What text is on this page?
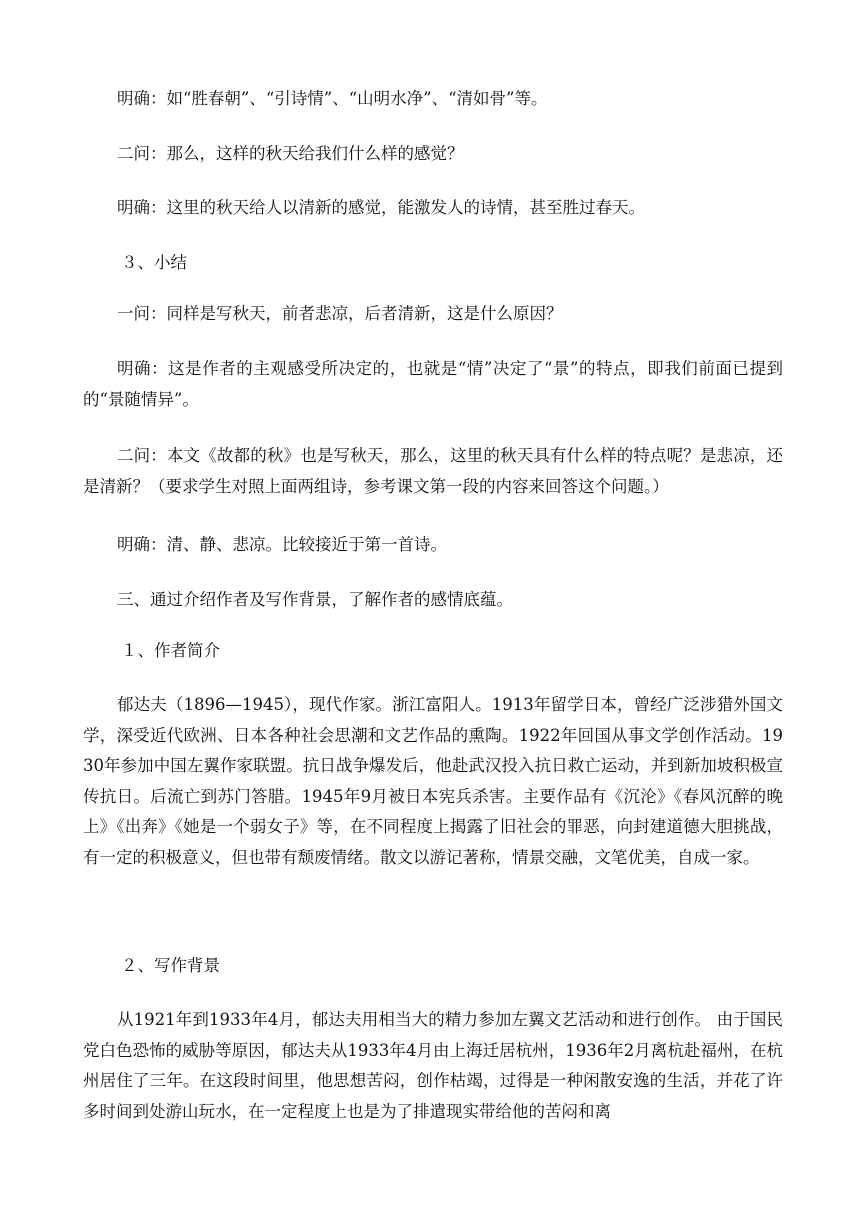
明确：如“胜春朝”、“引诗情”、“山明水净”、“清如骨”等。

二问：那么，这样的秋天给我们什么样的感觉？

明确：这里的秋天给人以清新的感觉，能激发人的诗情，甚至胜过春天。

３、小结

一问：同样是写秋天，前者悲凉，后者清新，这是什么原因？

明确：这是作者的主观感受所决定的，也就是“情”决定了“景”的特点，即我们前面已提到的“景随情异”。

二问：本文《故都的秋》也是写秋天，那么，这里的秋天具有什么样的特点呢？是悲凉，还是清新？（要求学生对照上面两组诗，参考课文第一段的内容来回答这个问题。）

明确：清、静、悲凉。比较接近于第一首诗。

三、通过介绍作者及写作背景，了解作者的感情底蕴。

１、作者简介

郁达夫（1896—1945），现代作家。浙江富阳人。1913年留学日本，曾经广泛涉猎外国文学，深受近代欧洲、日本各种社会思潮和文艺作品的熏陶。1922年回国从事文学创作活动。1930年参加中国左翼作家联盟。抗日战争爆发后，他赴武汉投入抗日救亡运动，并到新加坡积极宣传抗日。后流亡到苏门答腊。1945年9月被日本宪兵杀害。主要作品有《沉沦》《春风沉醉的晚上》《出奔》《她是一个弱女子》等，在不同程度上揭露了旧社会的罪恶，向封建道德大胆挑战，有一定的积极意义，但也带有颓废情绪。散文以游记著称，情景交融，文笔优美，自成一家。

２、写作背景

从1921年到1933年4月，郁达夫用相当大的精力参加左翼文艺活动和进行创作。 由于国民党白色恐怖的威胁等原因，郁达夫从1933年4月由上海迁居杭州，1936年2月离杭赴福州，在杭州居住了三年。在这段时间里，他思想苦闷，创作枯竭，过得是一种闲散安逸的生活，并花了许多时间到处游山玩水，在一定程度上也是为了排遣现实带给他的苦闷和离
